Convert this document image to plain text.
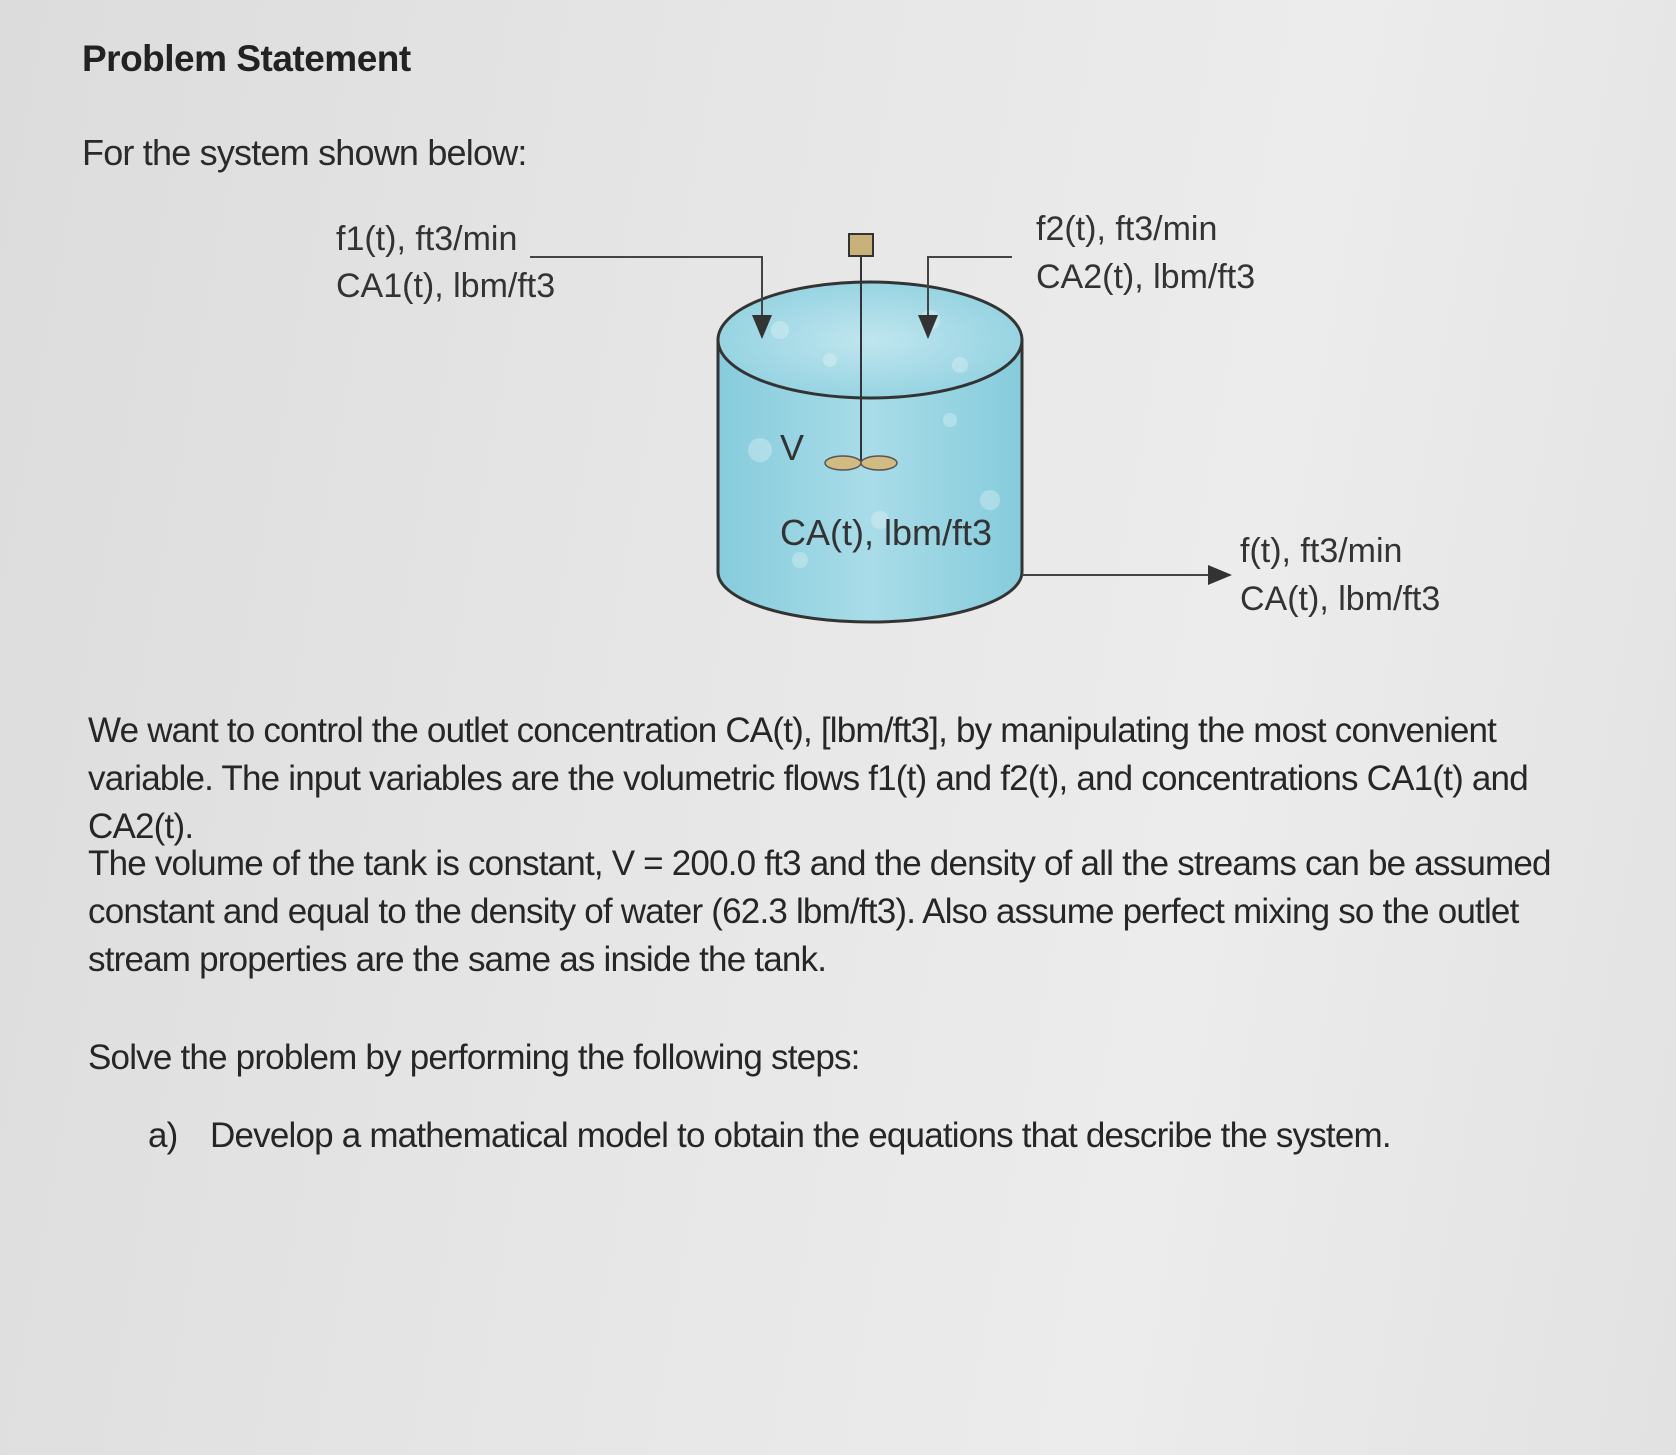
Problem Statement
For the system shown below:
f1(t), ft3/min
CA1(t), lbm/ft3
f2(t), ft3/min
CA2(t), lbm/ft3
V
CA(t), lbm/ft3	f(t), ft3/min
CA(t), lbm/ft3
We want to control the outlet concentration CA(t), [lbm/ft3], by manipulating the most convenient variable. The input variables are the volumetric flows f1(t) and f2(t), and concentrations CA1(t) and CA2(t).
The volume of the tank is constant, V = 200.0 ft3 and the density of all the streams can be assumed constant and equal to the density of water (62.3 lbm/ft3). Also assume perfect mixing so the outlet stream properties are the same as inside the tank.
Solve the problem by performing the following steps:
a) Develop a mathematical model to obtain the equations that describe the system.
